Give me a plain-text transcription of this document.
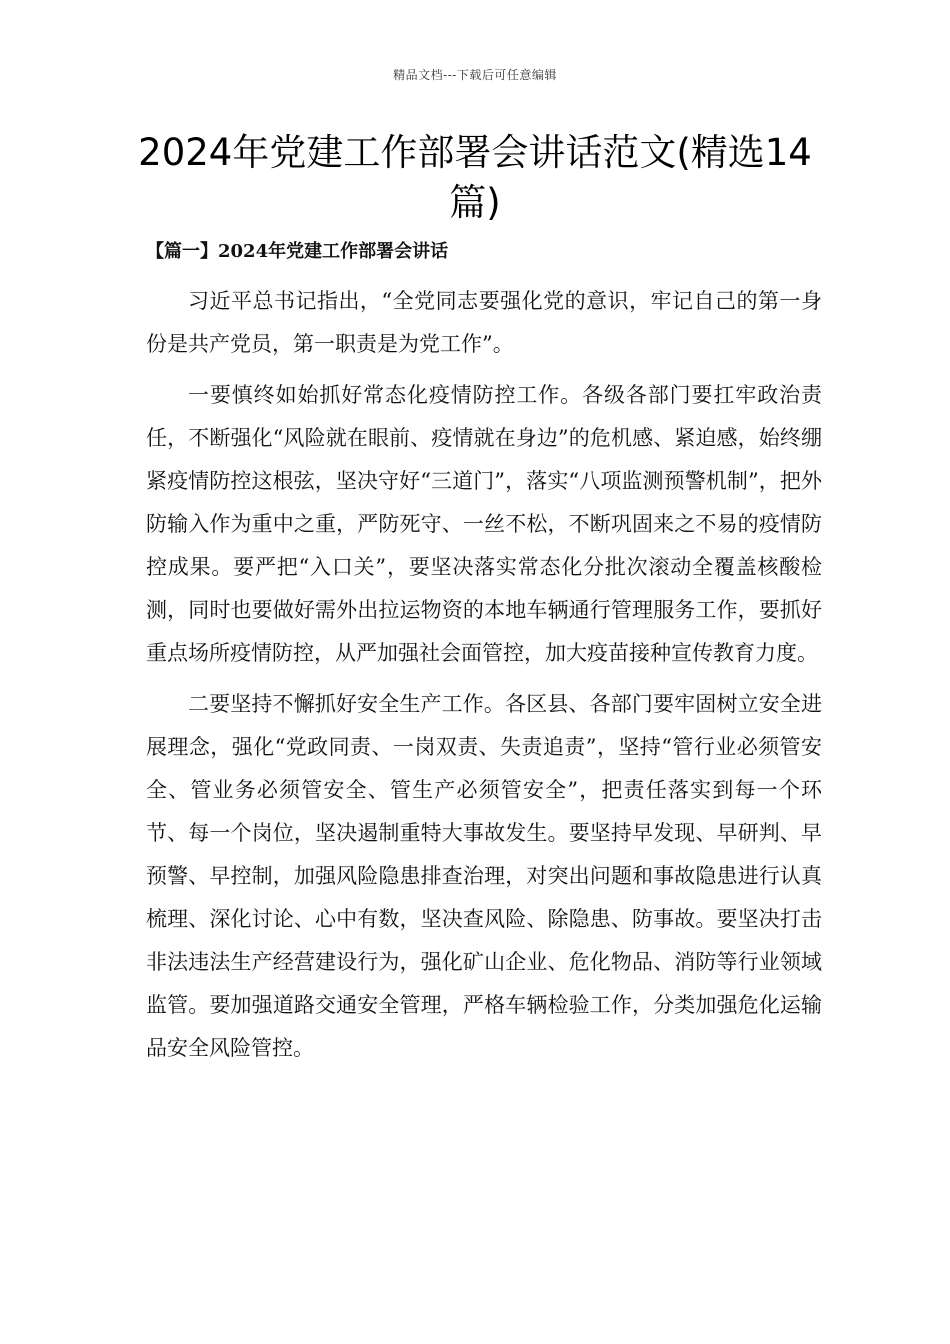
精品文档---下载后可任意编辑
2024年党建工作部署会讲话范文(精选14篇)
【篇一】2024年党建工作部署会讲话

习近平总书记指出，“全党同志要强化党的意识，牢记自己的第一身份是共产党员，第一职责是为党工作”。

一要慎终如始抓好常态化疫情防控工作。各级各部门要扛牢政治责任，不断强化“风险就在眼前、疫情就在身边”的危机感、紧迫感，始终绷紧疫情防控这根弦，坚决守好“三道门”，落实“八项监测预警机制”，把外防输入作为重中之重，严防死守、一丝不松，不断巩固来之不易的疫情防控成果。要严把“入口关”，要坚决落实常态化分批次滚动全覆盖核酸检测，同时也要做好需外出拉运物资的本地车辆通行管理服务工作，要抓好重点场所疫情防控，从严加强社会面管控，加大疫苗接种宣传教育力度。

二要坚持不懈抓好安全生产工作。各区县、各部门要牢固树立安全进展理念，强化“党政同责、一岗双责、失责追责”，坚持“管行业必须管安全、管业务必须管安全、管生产必须管安全”，把责任落实到每一个环节、每一个岗位，坚决遏制重特大事故发生。要坚持早发现、早研判、早预警、早控制，加强风险隐患排查治理，对突出问题和事故隐患进行认真梳理、深化讨论、心中有数，坚决查风险、除隐患、防事故。要坚决打击非法违法生产经营建设行为，强化矿山企业、危化物品、消防等行业领域监管。要加强道路交通安全管理，严格车辆检验工作，分类加强危化运输品安全风险管控。
